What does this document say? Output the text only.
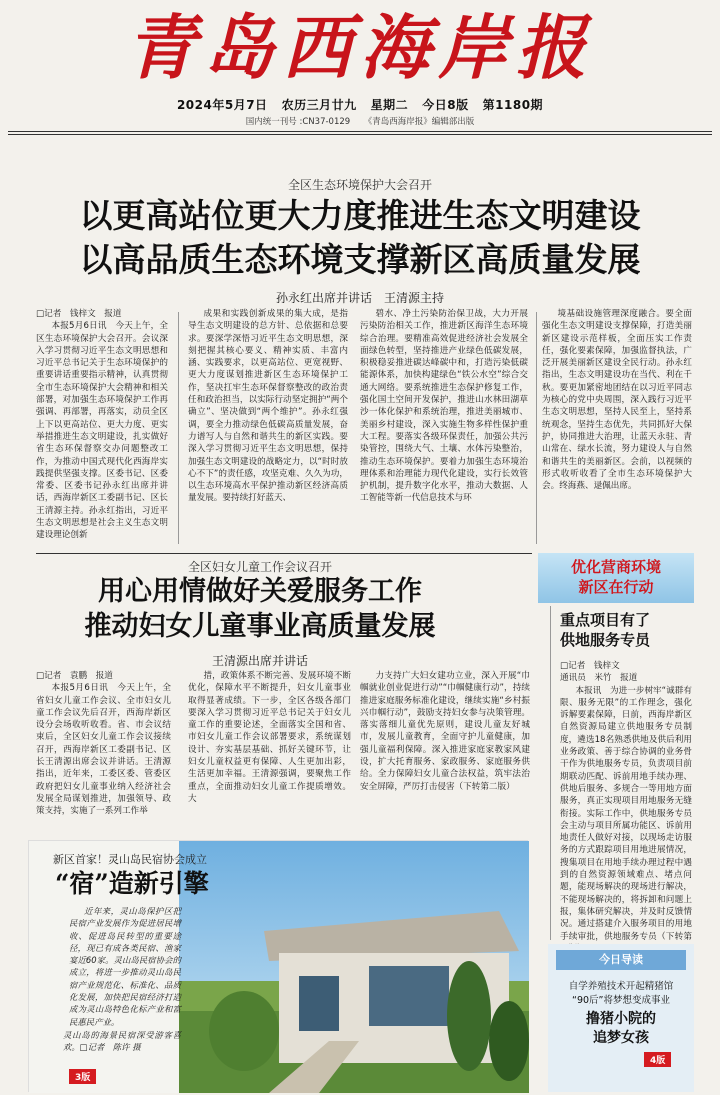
青岛西海岸报
2024年5月7日 农历三月廿九 星期二 今日8版 第1180期
国内统一刊号 :CN37-0129 《青岛西海岸报》编辑部出版
全区生态环境保护大会召开
以更高站位更大力度推进生态文明建设
以高品质生态环境支撑新区高质量发展
孙永红出席并讲话　王清源主持

□记者　钱梓文　报道

本报5月6日讯　今天上午，全区生态环境保护大会召开。会议深入学习贯彻习近平生态文明思想和习近平总书记关于生态环境保护的重要讲话重要指示精神，认真贯彻全市生态环境保护大会精神和相关部署，对加强生态环境保护工作再强调、再部署，再落实，动员全区上下以更高站位、更大力度、更实举措推进生态文明建设，扎实做好省生态环保督察交办问题整改工作，为推动中国式现代化西海岸实践提供坚强支撑。区委书记、区委常委、区委书记孙永红出席并讲话，西海岸新区工委副书记、区长王清源主持。孙永红指出，习近平生态文明思想是社会主义生态文明建设理论创新

成果和实践创新成果的集大成，是指导生态文明建设的总方针、总依据和总要求。要深学深悟习近平生态文明思想，深刻把握其核心要义、精神实质、丰富内涵、实践要求，以更高站位、更宽视野、更大力度谋划推进新区生态环境保护工作，坚决扛牢生态环保督察整改的政治责任和政治担当，以实际行动坚定拥护“两个确立”、坚决做到“两个维护”。孙永红强调，要全力推动绿色低碳高质量发展，奋力谱写人与自然和谐共生的新区实践。要深入学习贯彻习近平生态文明思想，保持加强生态文明建设的战略定力，以“时时放心不下”的责任感，攻坚克难、久久为功，以生态环境高水平保护推动新区经济高质量发展。要持续打好蓝天、

碧水、净土污染防治保卫战，大力开展污染防治相关工作，推进新区海洋生态环境综合治理。要精准高效促进经济社会发展全面绿色转型，坚持推进产业绿色低碳发展，积极稳妥推进碳达峰碳中和，打造污染低碳能源体系，加快构建绿色“铁公水空”综合交通大网络。要系统推进生态保护修复工作，强化国土空间开发保护，推进山水林田湖草沙一体化保护和系统治理，推进美丽城市、美丽乡村建设，深入实施生物多样性保护重大工程。要落实各级环保责任，加强公共污染管控，围绕大气、土壤、水体污染整治，推动生态环境保护。要着力加强生态环境治理体系和治理能力现代化建设，实行长效管护机制，提升数字化水平，推动大数据、人工智能等新一代信息技术与环

境基础设施管理深度融合。要全面强化生态文明建设支撑保障，打造美丽新区建设示范样板，全面压实工作责任，强化要素保障，加强监督执法，广泛开展美丽新区建设全民行动。孙永红指出，生态文明建设功在当代、利在千秋。要更加紧密地团结在以习近平同志为核心的党中央周围，深入践行习近平生态文明思想，坚持人民至上，坚持系统观念，坚持生态优先，共同抓好大保护，协同推进大治理，让蓝天永驻、青山常在、绿水长流，努力建设人与自然和谐共生的美丽新区。会前，以视频的形式收听收看了全市生态环境保护大会。终海燕、逯佩出席。

全区妇女儿童工作会议召开
用心用情做好关爱服务工作
推动妇女儿童事业高质量发展
王清源出席并讲话

□记者　袁鹏　报道

本报5月6日讯　今天上午，全省妇女儿童工作会议、全市妇女儿童工作会议先后召开，西海岸新区设分会场收听收看。省、市会议结束后，全区妇女儿童工作会议接续召开，西海岸新区工委副书记、区长王清源出席会议并讲话。王清源指出，近年来，工委区委、管委区政府把妇女儿童事业纳入经济社会发展全局谋划推进，加强领导、政策支持，实施了一系列工作举

措，政策体系不断完善、发展环境不断优化，保障水平不断提升，妇女儿童事业取得显著成绩。下一步，全区各级各部门要深入学习贯彻习近平总书记关于妇女儿童工作的重要论述，全面落实全国和省、市妇女儿童工作会议部署要求，系统谋划设计、夯实基层基础、抓好关键环节，让妇女儿童权益更有保障、人生更加出彩，生活更加幸福。王清源强调，要聚焦工作重点，全面推动妇女儿童工作提质增效。大

力支持广大妇女建功立业，深入开展“巾帼就业创业促进行动”“巾帼健康行动”，持续推进家庭服务标准化建设，继续实施“乡村振兴巾帼行动”，鼓励支持妇女参与决策管理。落实落细儿童优先原则，建设儿童友好城市，发展儿童教育，全面守护儿童健康，加强儿童福利保障。深入推进家庭家教家风建设，扩大托育服务、家政服务、家庭服务供给。全力保障妇女儿童合法权益，筑牢法治安全屏障，严厉打击侵害（下转第二版）

优化营商环境
新区在行动
重点项目有了
供地服务专员

□记者　钱梓文

通讯员　米竹　报道

本报讯　为进一步树牢“诚群有限、服务无限”的工作理念，强化诉解要素保障，日前，西海岸新区自然资源局建立供地服务专员制度，遴选18名熟悉供地及供后利用业务政策、善于综合协调的业务骨干作为供地服务专员，负责项目前期联动匹配、诉前用地手续办理、供地后服务、多规合一等用地方面服务，真正实现项目用地服务无缝衔接。实际工作中，供地服务专员会主动与项目所属功能区、诉前用地责任人做好对接，以现场走访服务的方式跟踪项目用地进展情况，搜集项目在用地手续办理过程中遇到的自然资源领域难点、堵点问题，能现场解决的现场进行解决，不能现场解决的，将拆卸和问题上报，集体研究解决，并及时反馈情况。通过搭建介入服务项目的用地手续审批，供地服务专员（下转第

新区首家！灵山岛民宿协会成立
“宿”造新引擎

近年来，灵山岛保护区把民宿产业发展作为促进居民增收、促进岛民转型的重要途径，现已有成各类民宿、渔家宴近60家。灵山岛民宿协会的成立，将进一步推动灵山岛民宿产业规范化、标准化、品质化发展，加快把民宿经济打造成为灵山岛特色化标产业和富民惠民产业。

灵山岛的海景民宿深受游客喜欢。□记者　陈许 摄

3版
今日导读
自学养殖技术开起精猪馆
“90后”将梦想变成事业
撸猪小院的
追梦女孩
4版
